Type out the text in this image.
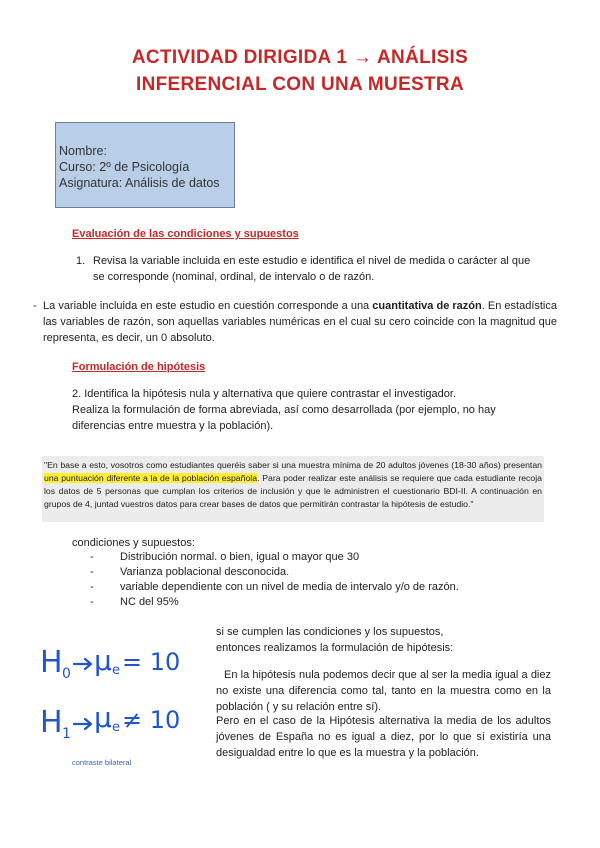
ACTIVIDAD DIRIGIDA 1 → ANÁLISIS
INFERENCIAL CON UNA MUESTRA
Nombre:
Curso: 2º de Psicología
Asignatura: Análisis de datos
Evaluación de las condiciones y supuestos
1. Revisa la variable incluida en este estudio e identifica el nivel de medida o carácter al que se corresponde (nominal, ordinal, de intervalo o de razón.
- La variable incluida en este estudio en cuestión corresponde a una cuantitativa de razón. En estadística las variables de razón, son aquellas variables numéricas en el cual su cero coincide con la magnitud que representa, es decir, un 0 absoluto.
Formulación de hipótesis
2. Identifica la hipótesis nula y alternativa que quiere contrastar el investigador.
Realiza la formulación de forma abreviada, así como desarrollada (por ejemplo, no hay diferencias entre muestra y la población).
"En base a esto, vosotros como estudiantes queréis saber si una muestra mínima de 20 adultos jóvenes (18-30 años) presentan una puntuación diferente a la de la población española. Para poder realizar este análisis se requiere que cada estudiante recoja los datos de 5 personas que cumplan los criterios de inclusión y que le administren el cuestionario BDI-II. A continuación en grupos de 4, juntad vuestros datos para crear bases de datos que permitirán contrastar la hipótesis de estudio."
condiciones y supuestos:
- Distribución normal. o bien, igual o mayor que 30
- Varianza poblacional desconocida.
- variable dependiente con un nivel de media de intervalo y/o de razón.
- NC del 95%
H 0 μ e = 10
H 1 μ e ≠ 10
contraste bilateral
si se cumplen las condiciones y los supuestos, entonces realizamos la formulación de hipótesis:
En la hipótesis nula podemos decir que al ser la media igual a diez no existe una diferencia como tal, tanto en la muestra como en la población ( y su relación entre sí).
Pero en el caso de la Hipótesis alternativa la media de los adultos jóvenes de España no es igual a diez, por lo que sí existiría una desigualdad entre lo que es la muestra y la población.
